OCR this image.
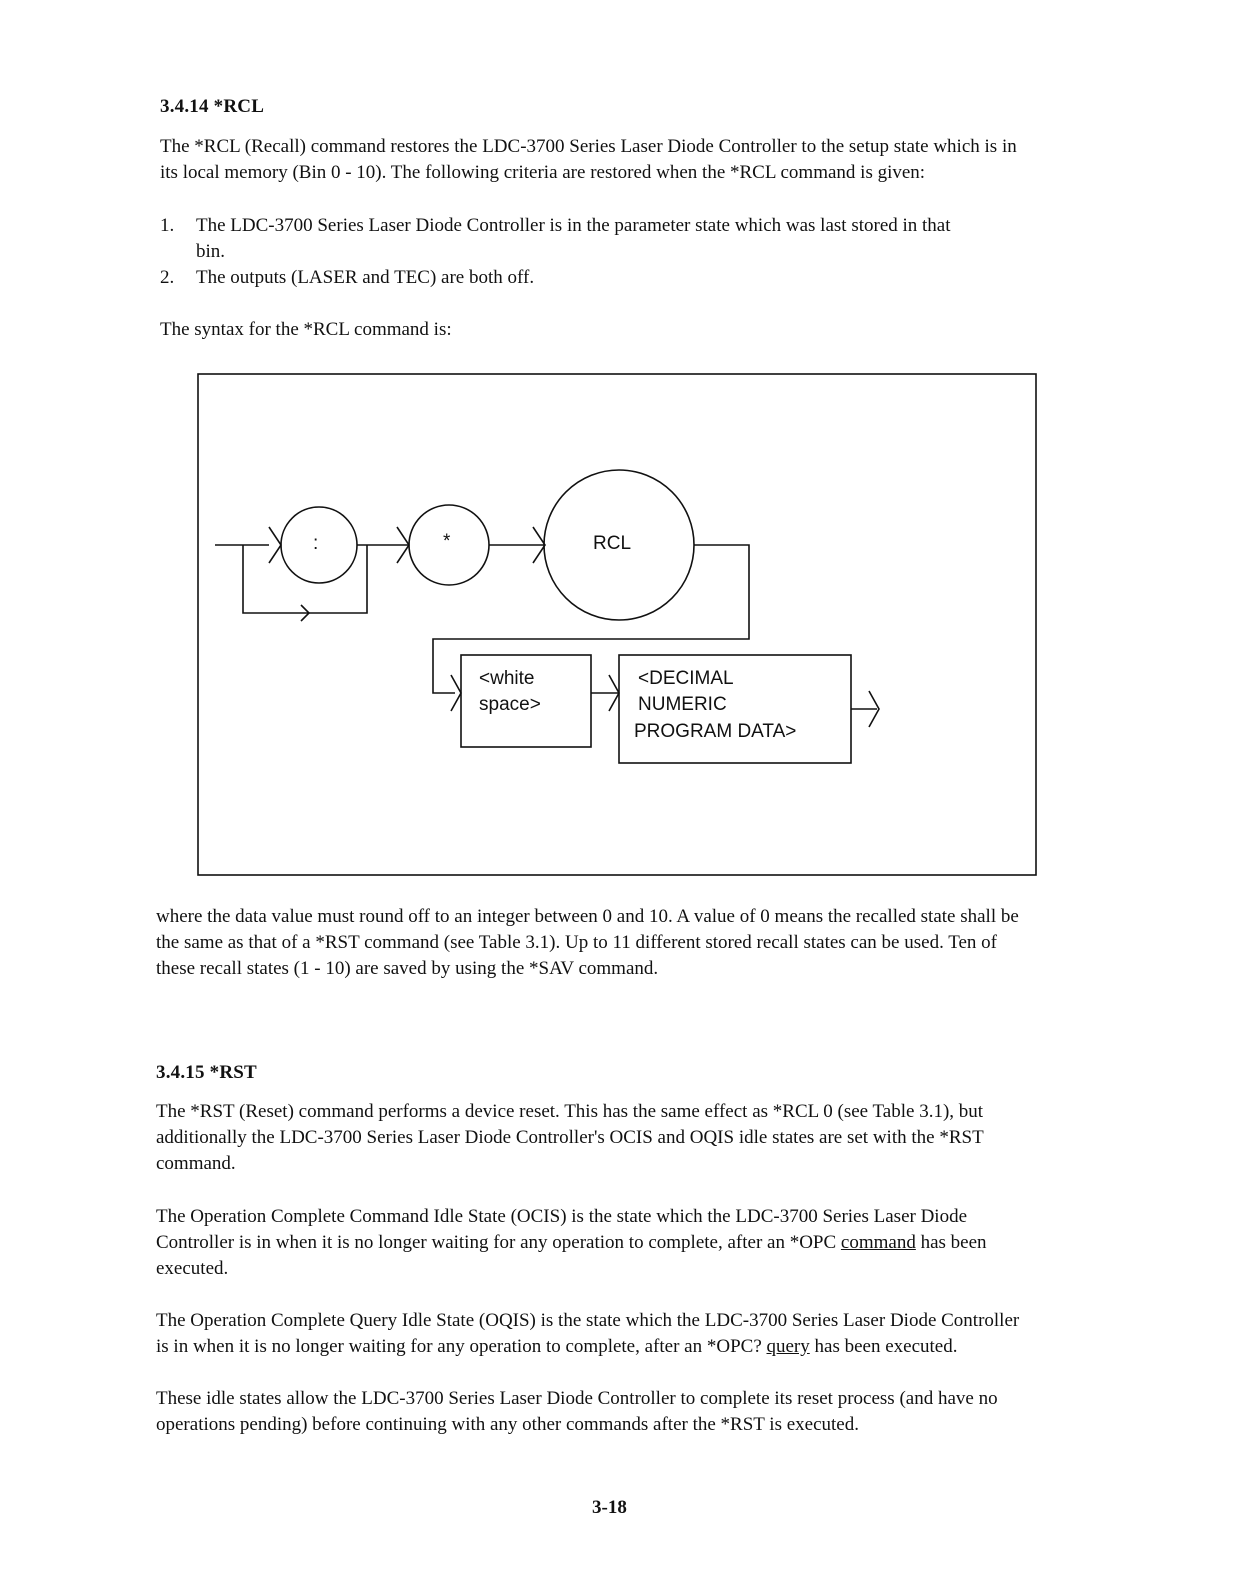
3.4.14 *RCL
The *RCL (Recall) command restores the LDC-3700 Series Laser Diode Controller to the setup state which is in
its local memory (Bin 0 - 10). The following criteria are restored when the *RCL command is given:
1. The LDC-3700 Series Laser Diode Controller is in the parameter state which was last stored in that
bin.
2. The outputs (LASER and TEC) are both off.
The syntax for the *RCL command is:
:	*	RCL
<white
space>
<DECIMAL
NUMERIC
PROGRAM DATA>
where the data value must round off to an integer between 0 and 10. A value of 0 means the recalled state shall be
the same as that of a *RST command (see Table 3.1). Up to 11 different stored recall states can be used. Ten of
these recall states (1 - 10) are saved by using the *SAV command.
3.4.15 *RST
The *RST (Reset) command performs a device reset. This has the same effect as *RCL 0 (see Table 3.1), but
additionally the LDC-3700 Series Laser Diode Controller's OCIS and OQIS idle states are set with the *RST
command.
The Operation Complete Command Idle State (OCIS) is the state which the LDC-3700 Series Laser Diode
Controller is in when it is no longer waiting for any operation to complete, after an *OPC command has been
executed.
The Operation Complete Query Idle State (OQIS) is the state which the LDC-3700 Series Laser Diode Controller
is in when it is no longer waiting for any operation to complete, after an *OPC? query has been executed.
These idle states allow the LDC-3700 Series Laser Diode Controller to complete its reset process (and have no
operations pending) before continuing with any other commands after the *RST is executed.
3-18
